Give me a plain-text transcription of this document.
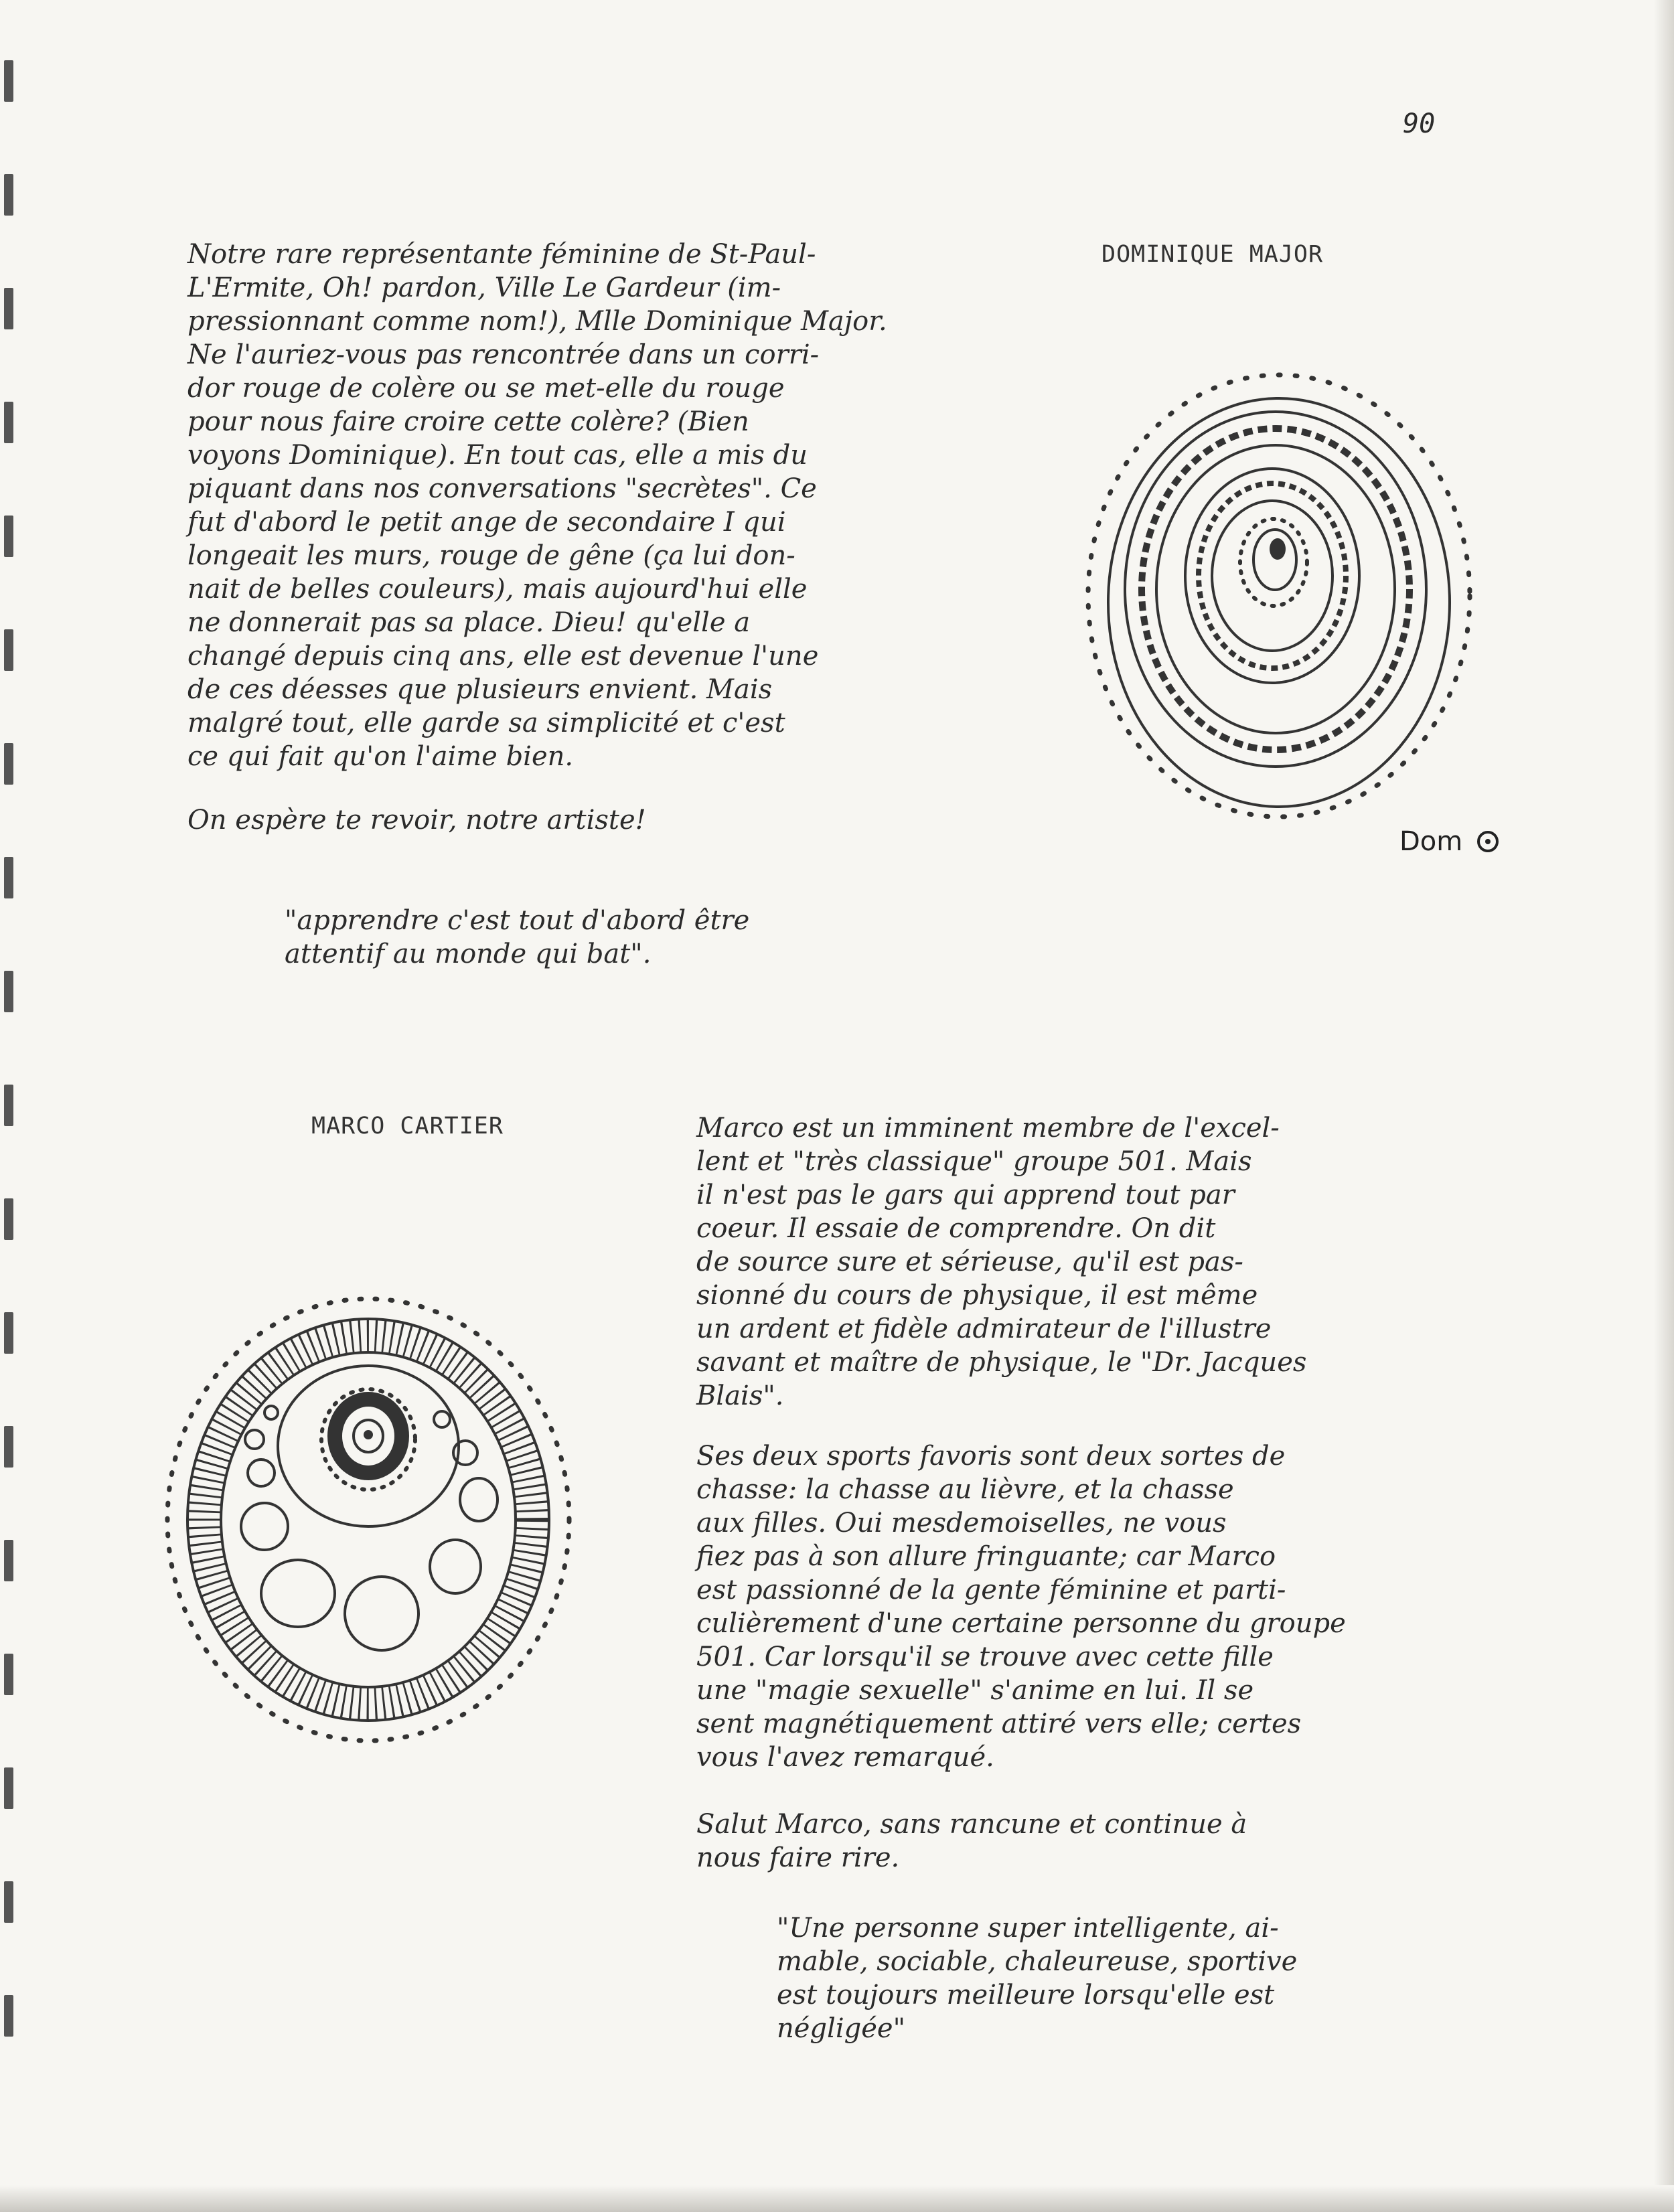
90

Notre rare représentante féminine de St-Paul-
L'Ermite, Oh! pardon, Ville Le Gardeur (im-
pressionnant comme nom!), Mlle Dominique Major.
Ne l'auriez-vous pas rencontrée dans un corri-
dor rouge de colère ou se met-elle du rouge
pour nous faire croire cette colère? (Bien
voyons Dominique). En tout cas, elle a mis du
piquant dans nos conversations "secrètes". Ce
fut d'abord le petit ange de secondaire I qui
longeait les murs, rouge de gêne (ça lui don-
nait de belles couleurs), mais aujourd'hui elle
ne donnerait pas sa place. Dieu! qu'elle a
changé depuis cinq ans, elle est devenue l'une
de ces déesses que plusieurs envient. Mais
malgré tout, elle garde sa simplicité et c'est
ce qui fait qu'on l'aime bien.

On espère te revoir, notre artiste!

"apprendre c'est tout d'abord être
attentif au monde qui bat".

DOMINIQUE MAJOR
Dom
MARCO CARTIER	Marco est un imminent membre de l'excel-
lent et "très classique" groupe 501. Mais
il n'est pas le gars qui apprend tout par
coeur. Il essaie de comprendre. On dit
de source sure et sérieuse, qu'il est pas-
sionné du cours de physique, il est même
un ardent et fidèle admirateur de l'illustre
savant et maître de physique, le "Dr. Jacques
Blais".

Ses deux sports favoris sont deux sortes de
chasse: la chasse au lièvre, et la chasse
aux filles. Oui mesdemoiselles, ne vous
fiez pas à son allure fringuante; car Marco
est passionné de la gente féminine et parti-
culièrement d'une certaine personne du groupe
501. Car lorsqu'il se trouve avec cette fille
une "magie sexuelle" s'anime en lui. Il se
sent magnétiquement attiré vers elle; certes
vous l'avez remarqué.

Salut Marco, sans rancune et continue à
nous faire rire.

"Une personne super intelligente, ai-
mable, sociable, chaleureuse, sportive
est toujours meilleure lorsqu'elle est
négligée"
